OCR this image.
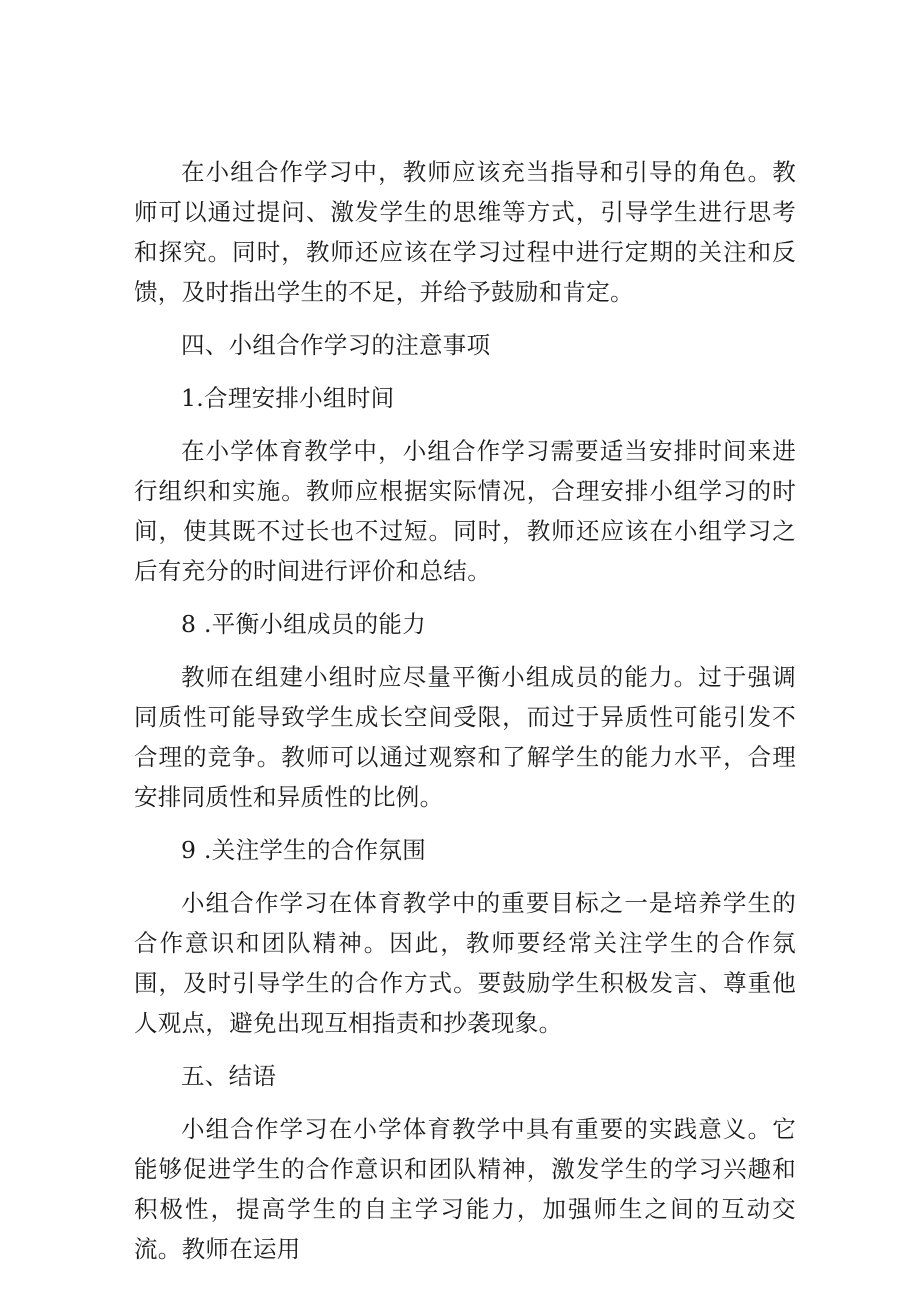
在小组合作学习中，教师应该充当指导和引导的角色。教师可以通过提问、激发学生的思维等方式，引导学生进行思考和探究。同时，教师还应该在学习过程中进行定期的关注和反馈，及时指出学生的不足，并给予鼓励和肯定。

四、小组合作学习的注意事项

1.合理安排小组时间

在小学体育教学中，小组合作学习需要适当安排时间来进行组织和实施。教师应根据实际情况，合理安排小组学习的时间，使其既不过长也不过短。同时，教师还应该在小组学习之后有充分的时间进行评价和总结。

8 .平衡小组成员的能力

教师在组建小组时应尽量平衡小组成员的能力。过于强调同质性可能导致学生成长空间受限，而过于异质性可能引发不合理的竞争。教师可以通过观察和了解学生的能力水平，合理安排同质性和异质性的比例。

9 .关注学生的合作氛围

小组合作学习在体育教学中的重要目标之一是培养学生的合作意识和团队精神。因此，教师要经常关注学生的合作氛围，及时引导学生的合作方式。要鼓励学生积极发言、尊重他人观点，避免出现互相指责和抄袭现象。

五、结语

小组合作学习在小学体育教学中具有重要的实践意义。它能够促进学生的合作意识和团队精神，激发学生的学习兴趣和积极性，提高学生的自主学习能力，加强师生之间的互动交流。教师在运用
